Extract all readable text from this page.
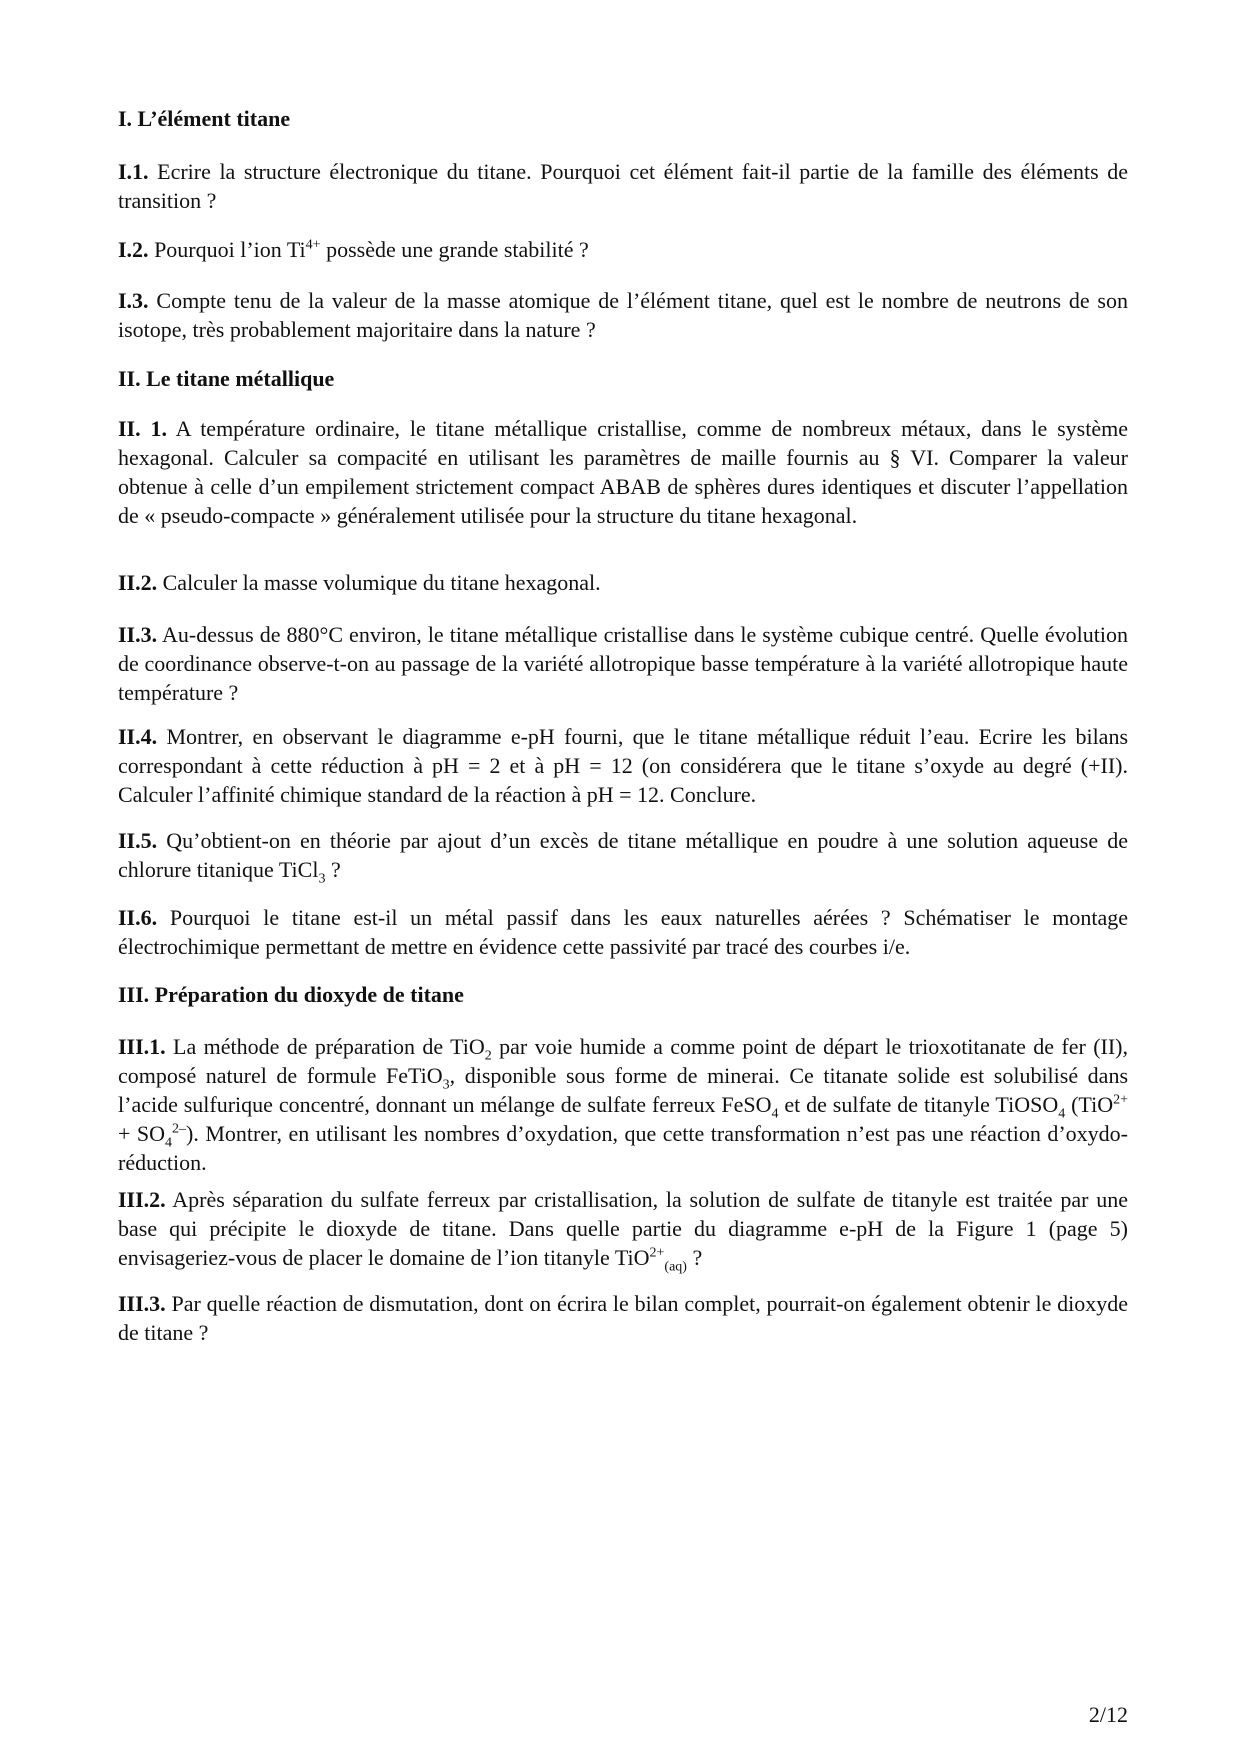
I. L’élément titane
I.1. Ecrire la structure électronique du titane. Pourquoi cet élément fait-il partie de la famille des éléments de transition ?
I.2. Pourquoi l’ion $Ti^{4+}$ possède une grande stabilité ?
I.3. Compte tenu de la valeur de la masse atomique de l’élément titane, quel est le nombre de neutrons de son isotope, très probablement majoritaire dans la nature ?
II. Le titane métallique
II. 1. A température ordinaire, le titane métallique cristallise, comme de nombreux métaux, dans le système hexagonal. Calculer sa compacité en utilisant les paramètres de maille fournis au § VI. Comparer la valeur obtenue à celle d’un empilement strictement compact ABAB de sphères dures identiques et discuter l’appellation de « pseudo-compacte » généralement utilisée pour la structure du titane hexagonal.
II.2. Calculer la masse volumique du titane hexagonal.
II.3. Au-dessus de 880°C environ, le titane métallique cristallise dans le système cubique centré. Quelle évolution de coordinance observe-t-on au passage de la variété allotropique basse température à la variété allotropique haute température ?
II.4. Montrer, en observant le diagramme e-pH fourni, que le titane métallique réduit l’eau. Ecrire les bilans correspondant à cette réduction à pH = 2 et à pH = 12 (on considérera que le titane s’oxyde au degré (+II). Calculer l’affinité chimique standard de la réaction à pH = 12. Conclure.
II.5. Qu’obtient-on en théorie par ajout d’un excès de titane métallique en poudre à une solution aqueuse de chlorure titanique TiCl$_3$ ?
II.6. Pourquoi le titane est-il un métal passif dans les eaux naturelles aérées ? Schématiser le montage électrochimique permettant de mettre en évidence cette passivité par tracé des courbes i/e.
III. Préparation du dioxyde de titane
III.1. La méthode de préparation de TiO$_2$ par voie humide a comme point de départ le trioxotitanate de fer (II), composé naturel de formule FeTiO$_3$, disponible sous forme de minerai. Ce titanate solide est solubilisé dans l’acide sulfurique concentré, donnant un mélange de sulfate ferreux FeSO$_4$ et de sulfate de titanyle TiOSO$_4$ $(TiO^{2+} + SO_4^{2-})$. Montrer, en utilisant les nombres d’oxydation, que cette transformation n’est pas une réaction d’oxydo-réduction.
III.2. Après séparation du sulfate ferreux par cristallisation, la solution de sulfate de titanyle est traitée par une base qui précipite le dioxyde de titane. Dans quelle partie du diagramme e-pH de la Figure 1 (page 5) envisageriez-vous de placer le domaine de l’ion titanyle TiO$^{2+}_{(aq)}$ ?
III.3. Par quelle réaction de dismutation, dont on écrira le bilan complet, pourrait-on également obtenir le dioxyde de titane ?
2/12
